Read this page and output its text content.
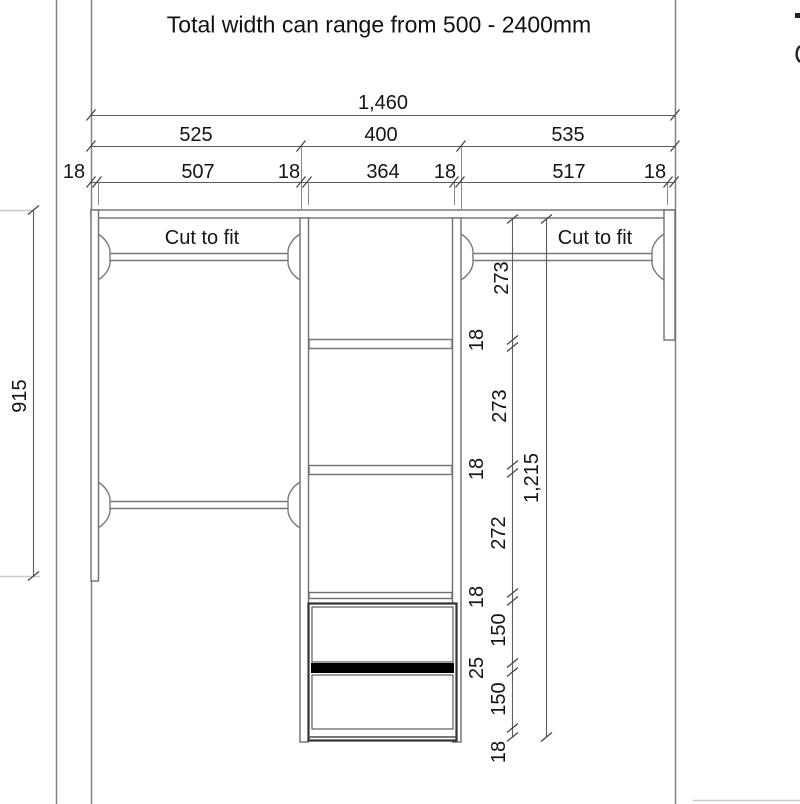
Total width can range from 500 - 2400mm
1,460
525	400	535
18	507	18	364 18	517	18
Cut to fit	Cut to fit
915
273
18
273
18
272
18
150
25
150
18
1,215
